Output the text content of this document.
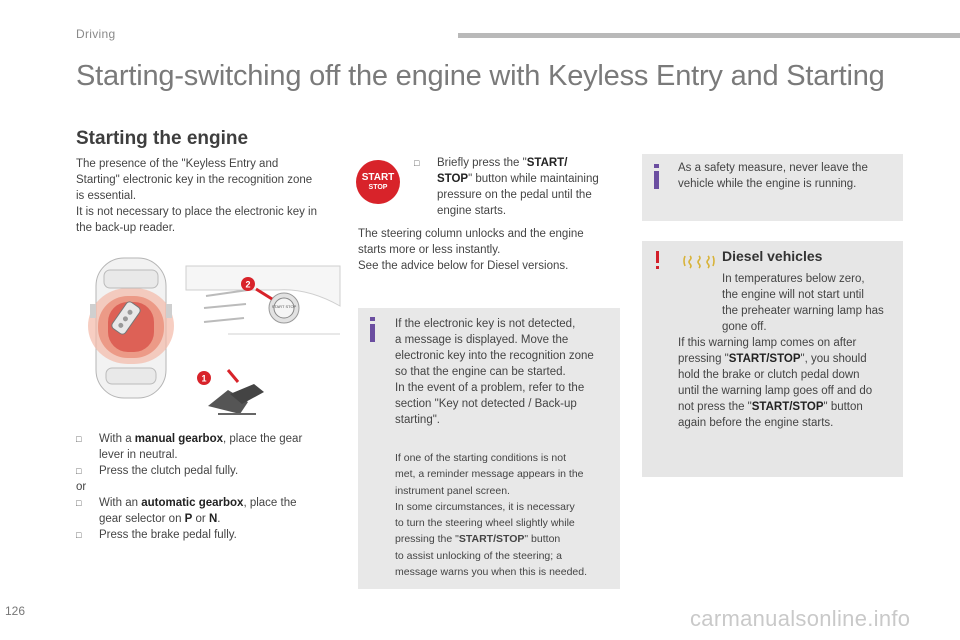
Driving
Starting-switching off the engine with Keyless Entry and Starting
Starting the engine
The presence of the "Keyless Entry and
Starting" electronic key in the recognition zone
is essential.
It is not necessary to place the electronic key in
the back-up reader.
START STOP
2
1
□ With a manual gearbox, place the gear
lever in neutral.
□ Press the clutch pedal fully.
or
□ With an automatic gearbox, place the
gear selector on P or N.
□ Press the brake pedal fully.
START
STOP
□ Briefly press the "START/
STOP" button while maintaining
pressure on the pedal until the
engine starts.
The steering column unlocks and the engine
starts more or less instantly.
See the advice below for Diesel versions.
If the electronic key is not detected,
a message is displayed. Move the
electronic key into the recognition zone
so that the engine can be started.
In the event of a problem, refer to the
section "Key not detected / Back-up
starting".
If one of the starting conditions is not
met, a reminder message appears in the
instrument panel screen.
In some circumstances, it is necessary
to turn the steering wheel slightly while
pressing the "START/STOP" button
to assist unlocking of the steering; a
message warns you when this is needed.
As a safety measure, never leave the
vehicle while the engine is running.
Diesel vehicles
In temperatures below zero,
the engine will not start until
the preheater warning lamp has
gone off.
If this warning lamp comes on after
pressing "START/STOP", you should
hold the brake or clutch pedal down
until the warning lamp goes off and do
not press the "START/STOP" button
again before the engine starts.
126	carmanualsonline.info
